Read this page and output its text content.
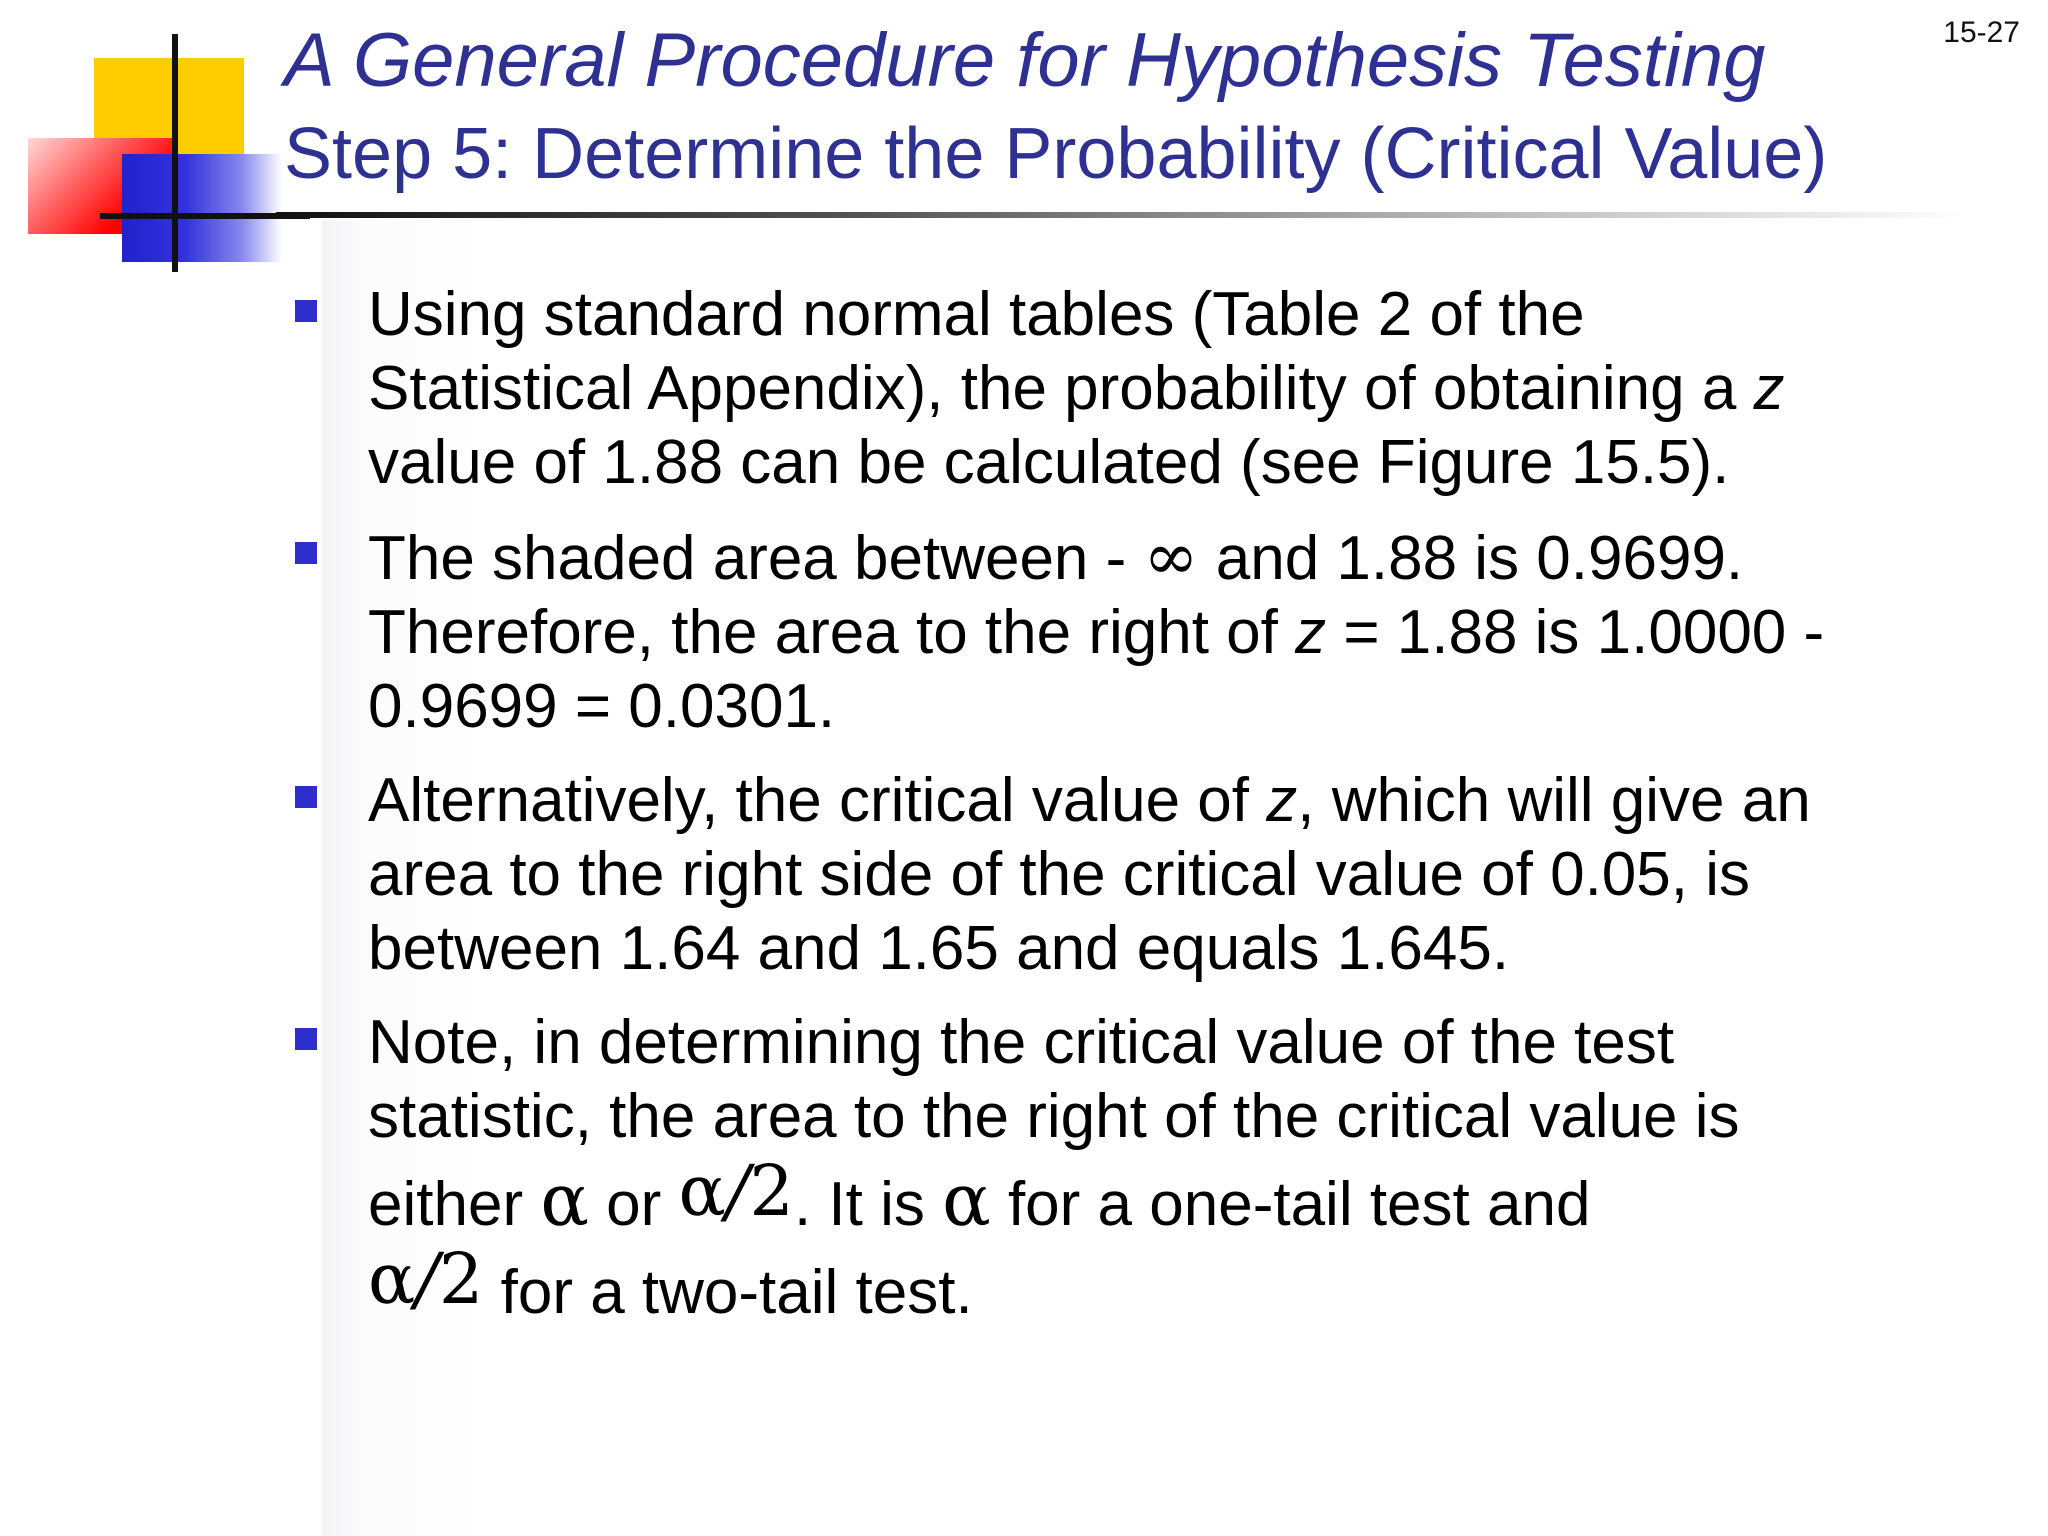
15-27
A General Procedure for Hypothesis Testing
Step 5: Determine the Probability (Critical Value)
Using standard normal tables (Table 2 of the
Statistical Appendix), the probability of obtaining a z
value of 1.88 can be calculated (see Figure 15.5).
The shaded area between - ∞ and 1.88 is 0.9699.
Therefore, the area to the right of z = 1.88 is 1.0000 -
0.9699 = 0.0301.
Alternatively, the critical value of z, which will give an
area to the right side of the critical value of 0.05, is
between 1.64 and 1.65 and equals 1.645.
Note, in determining the critical value of the test
statistic, the area to the right of the critical value is
either α or α/2. It is α for a one-tail test and
α/2 for a two-tail test.
